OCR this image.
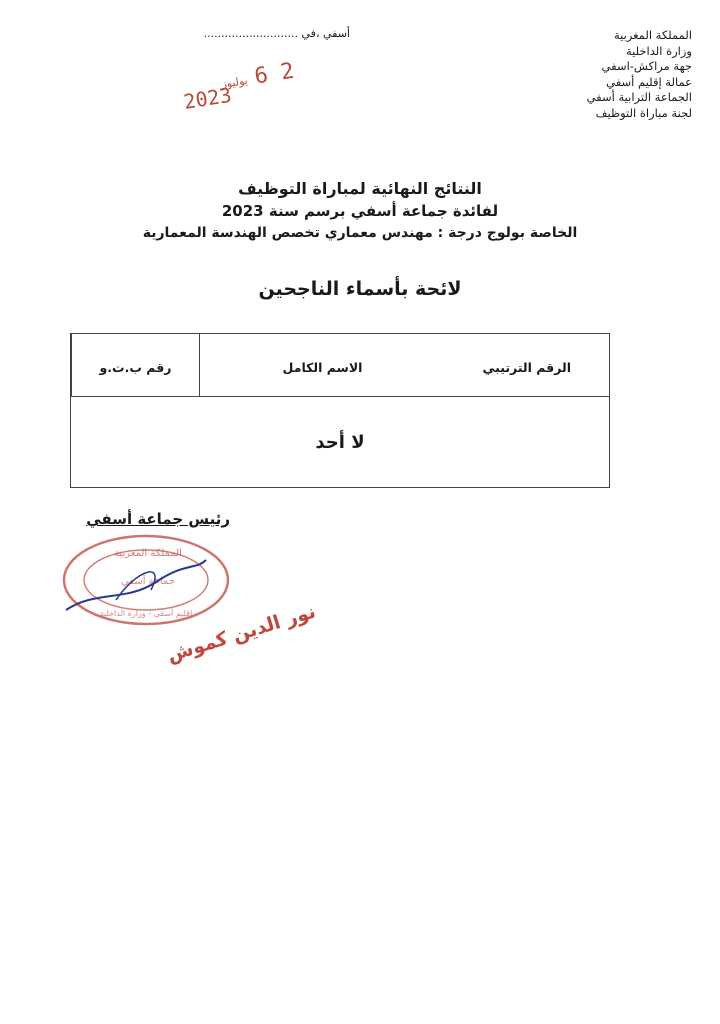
المملكة المغربية
وزارة الداخلية
جهة مراكش-اسفي
عمالة إقليم أسفي
الجماعة الترابية أسفي
لجنة مباراة التوظيف
أسفي ،في ...........................
2 6
يوليوز
2023
النتائج النهائية لمباراة التوظيف
لفائدة جماعة أسفي برسم سنة 2023
الخاصة بولوج درجة : مهندس معماري تخصص الهندسة المعمارية
لائحة بأسماء الناجحين
الرقم الترتيبي
الاسم الكامل
رقم ب.ت.و
لا أحد
رئيس جماعة أسفي
المملكة المغربية
جماعة أسفي
إقليم أسفي - وزارة الداخلية
نور الدين كموش
